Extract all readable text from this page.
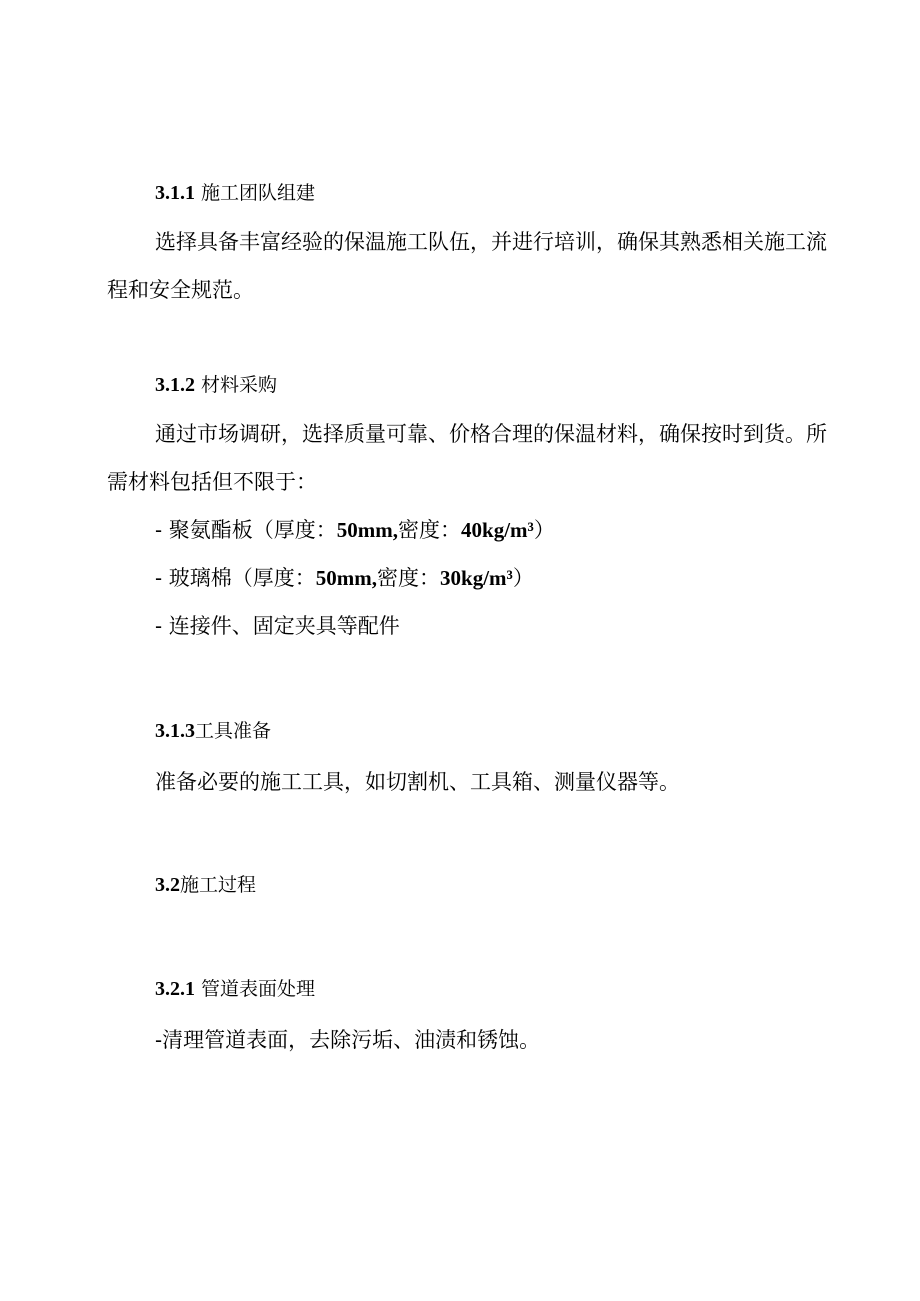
3.1.1 施工团队组建

选择具备丰富经验的保温施工队伍，并进行培训，确保其熟悉相关施工流程和安全规范。

3.1.2 材料采购

通过市场调研，选择质量可靠、价格合理的保温材料，确保按时到货。所需材料包括但不限于：

- 聚氨酯板（厚度：50mm,密度：40kg/m³）
- 玻璃棉（厚度：50mm,密度：30kg/m³）
- 连接件、固定夹具等配件
3.1.3工具准备
准备必要的施工工具，如切割机、工具箱、测量仪器等。
3.2施工过程
3.2.1 管道表面处理
-清理管道表面，去除污垢、油渍和锈蚀。
